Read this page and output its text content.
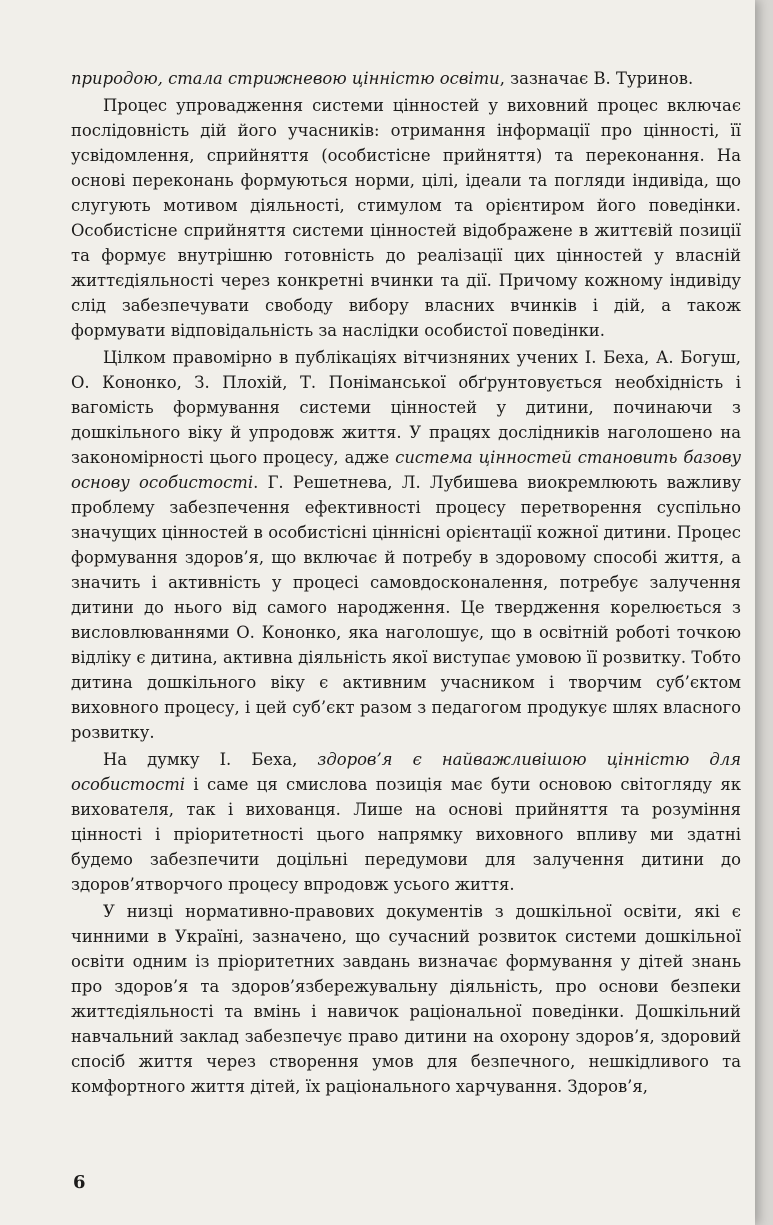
природою, стала стрижневою цінністю освіти, зазначає В. Туринов.

Процес упровадження системи цінностей у виховний процес включає послідовність дій його учасників: отримання інформації про цінності, її усвідомлення, сприйняття (особистісне прийняття) та переконання. На основі переконань формуються норми, цілі, ідеали та погляди індивіда, що слугують мотивом діяльності, стимулом та орієнтиром його поведінки. Особистісне сприйняття системи цінностей відображене в життєвій позиції та формує внутрішню готовність до реалізації цих цінностей у власній життєдіяльності через конкретні вчинки та дії. Причому кожному індивіду слід забезпечувати свободу вибору власних вчинків і дій, а також формувати відповідальність за наслідки особистої поведінки.

Цілком правомірно в публікаціях вітчизняних учених І. Беха, А. Богуш, О. Кононко, З. Плохій, Т. Поніманської обґрунтовується необхідність і вагомість формування системи цінностей у дитини, починаючи з дошкільного віку й упродовж життя. У працях дослідників наголошено на закономірності цього процесу, адже система цінностей становить базову основу особистості. Г. Решетнева, Л. Лубишева виокремлюють важливу проблему забезпечення ефективності процесу перетворення суспільно значущих цінностей в особистісні ціннісні орієнтації кожної дитини. Процес формування здоров’я, що включає й потребу в здоровому способі життя, а значить і активність у процесі самовдосконалення, потребує залучення дитини до нього від самого народження. Це твердження корелюється з висловлюваннями О. Кононко, яка наголошує, що в освітній роботі точкою відліку є дитина, активна діяльність якої виступає умовою її розвитку. Тобто дитина дошкільного віку є активним учасником і творчим суб’єктом виховного процесу, і цей суб’єкт разом з педагогом продукує шлях власного розвитку.

На думку І. Беха, здоров’я є найважливішою цінністю для особистості і саме ця смислова позиція має бути основою світогляду як вихователя, так і вихованця. Лише на основі прийняття та розуміння цінності і пріоритетності цього напрямку виховного впливу ми здатні будемо забезпечити доцільні передумови для залучення дитини до здоров’ятворчого процесу впродовж усього життя.

У низці нормативно-правових документів з дошкільної освіти, які є чинними в Україні, зазначено, що сучасний розвиток системи дошкільної освіти одним із пріоритетних завдань визначає формування у дітей знань про здоров’я та здоров’язбережувальну діяльність, про основи безпеки життєдіяльності та вмінь і навичок раціональної поведінки. Дошкільний навчальний заклад забезпечує право дитини на охорону здоров’я, здоровий спосіб життя через створення умов для безпечного, нешкідливого та комфортного життя дітей, їх раціонального харчування. Здоров’я,

6
